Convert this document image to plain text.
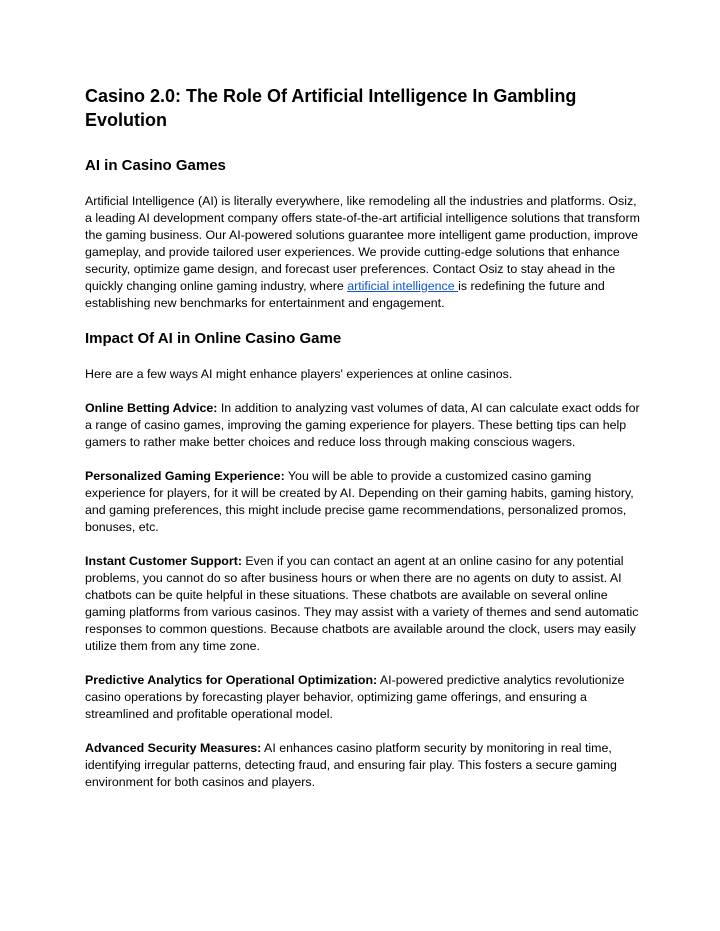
Casino 2.0: The Role Of Artificial Intelligence In Gambling Evolution
AI in Casino Games

Artificial Intelligence (AI) is literally everywhere, like remodeling all the industries and platforms. Osiz, a leading AI development company offers state-of-the-art artificial intelligence solutions that transform the gaming business. Our AI-powered solutions guarantee more intelligent game production, improve gameplay, and provide tailored user experiences. We provide cutting-edge solutions that enhance security, optimize game design, and forecast user preferences. Contact Osiz to stay ahead in the quickly changing online gaming industry, where artificial intelligence is redefining the future and establishing new benchmarks for entertainment and engagement.

Impact Of AI in Online Casino Game

Here are a few ways AI might enhance players' experiences at online casinos.

Online Betting Advice: In addition to analyzing vast volumes of data, AI can calculate exact odds for a range of casino games, improving the gaming experience for players. These betting tips can help gamers to rather make better choices and reduce loss through making conscious wagers.

Personalized Gaming Experience: You will be able to provide a customized casino gaming experience for players, for it will be created by AI. Depending on their gaming habits, gaming history, and gaming preferences, this might include precise game recommendations, personalized promos, bonuses, etc.

Instant Customer Support: Even if you can contact an agent at an online casino for any potential problems, you cannot do so after business hours or when there are no agents on duty to assist. AI chatbots can be quite helpful in these situations. These chatbots are available on several online gaming platforms from various casinos. They may assist with a variety of themes and send automatic responses to common questions. Because chatbots are available around the clock, users may easily utilize them from any time zone.

Predictive Analytics for Operational Optimization: AI-powered predictive analytics revolutionize casino operations by forecasting player behavior, optimizing game offerings, and ensuring a streamlined and profitable operational model.

Advanced Security Measures: AI enhances casino platform security by monitoring in real time, identifying irregular patterns, detecting fraud, and ensuring fair play. This fosters a secure gaming environment for both casinos and players.
